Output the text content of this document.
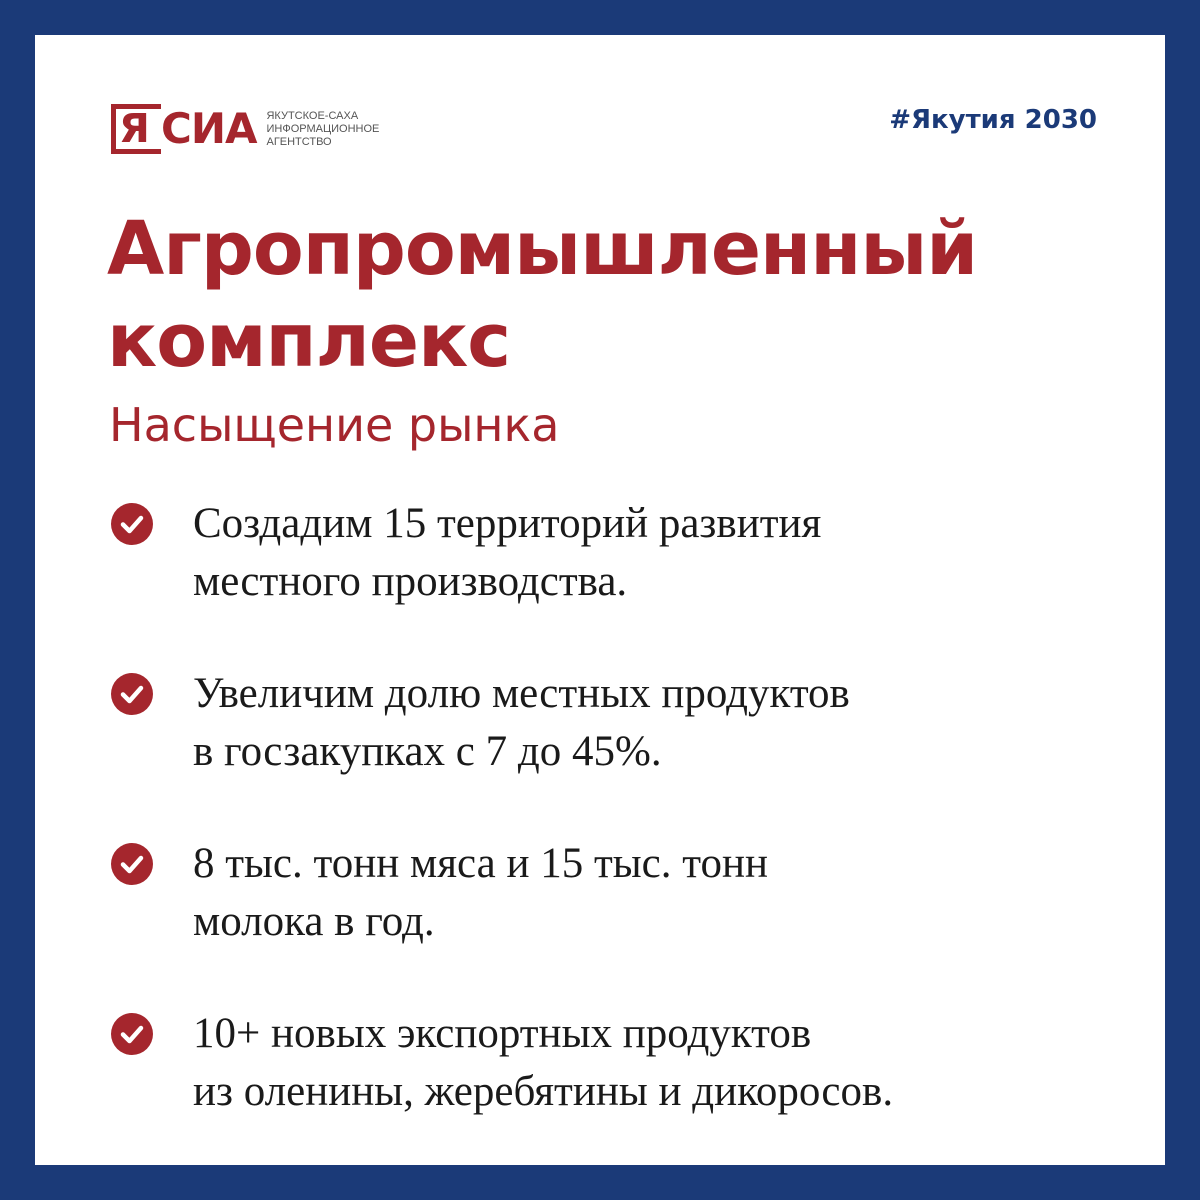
Я СИА ЯКУТСКОЕ-САХА
ИНФОРМАЦИОННОЕ
АГЕНТСТВО
#Якутия 2030
Агропромышленный
комплекс
Насыщение рынка

Создадим 15 территорий развития
местного производства.

Увеличим долю местных продуктов
в госзакупках с 7 до 45%.

8 тыс. тонн мяса и 15 тыс. тонн
молока в год.

10+ новых экспортных продуктов
из оленины, жеребятины и дикоросов.
